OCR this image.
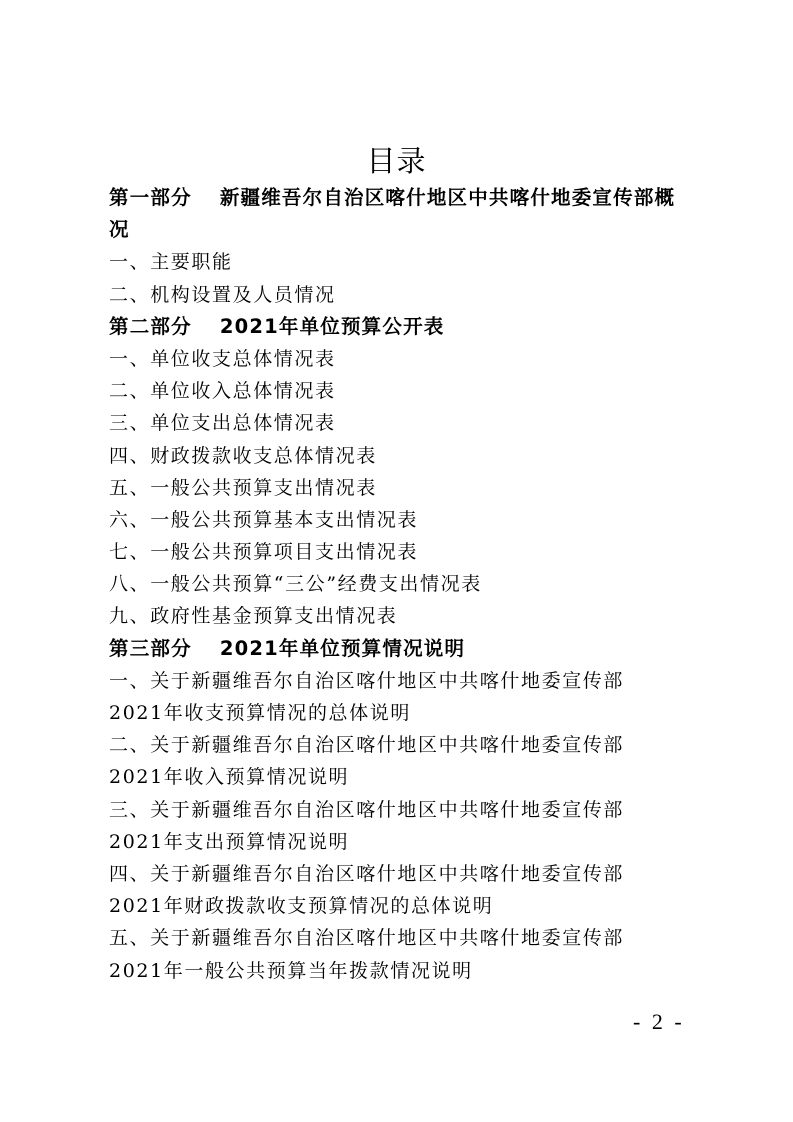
目录
第一部分 新疆维吾尔自治区喀什地区中共喀什地委宣传部概
况
一、主要职能
二、机构设置及人员情况
第二部分 2021年单位预算公开表
一、单位收支总体情况表
二、单位收入总体情况表
三、单位支出总体情况表
四、财政拨款收支总体情况表
五、一般公共预算支出情况表
六、一般公共预算基本支出情况表
七、一般公共预算项目支出情况表
八、一般公共预算“三公”经费支出情况表
九、政府性基金预算支出情况表
第三部分 2021年单位预算情况说明
一、关于新疆维吾尔自治区喀什地区中共喀什地委宣传部
2021年收支预算情况的总体说明
二、关于新疆维吾尔自治区喀什地区中共喀什地委宣传部
2021年收入预算情况说明
三、关于新疆维吾尔自治区喀什地区中共喀什地委宣传部
2021年支出预算情况说明
四、关于新疆维吾尔自治区喀什地区中共喀什地委宣传部
2021年财政拨款收支预算情况的总体说明
五、关于新疆维吾尔自治区喀什地区中共喀什地委宣传部
2021年一般公共预算当年拨款情况说明
- 2 -
